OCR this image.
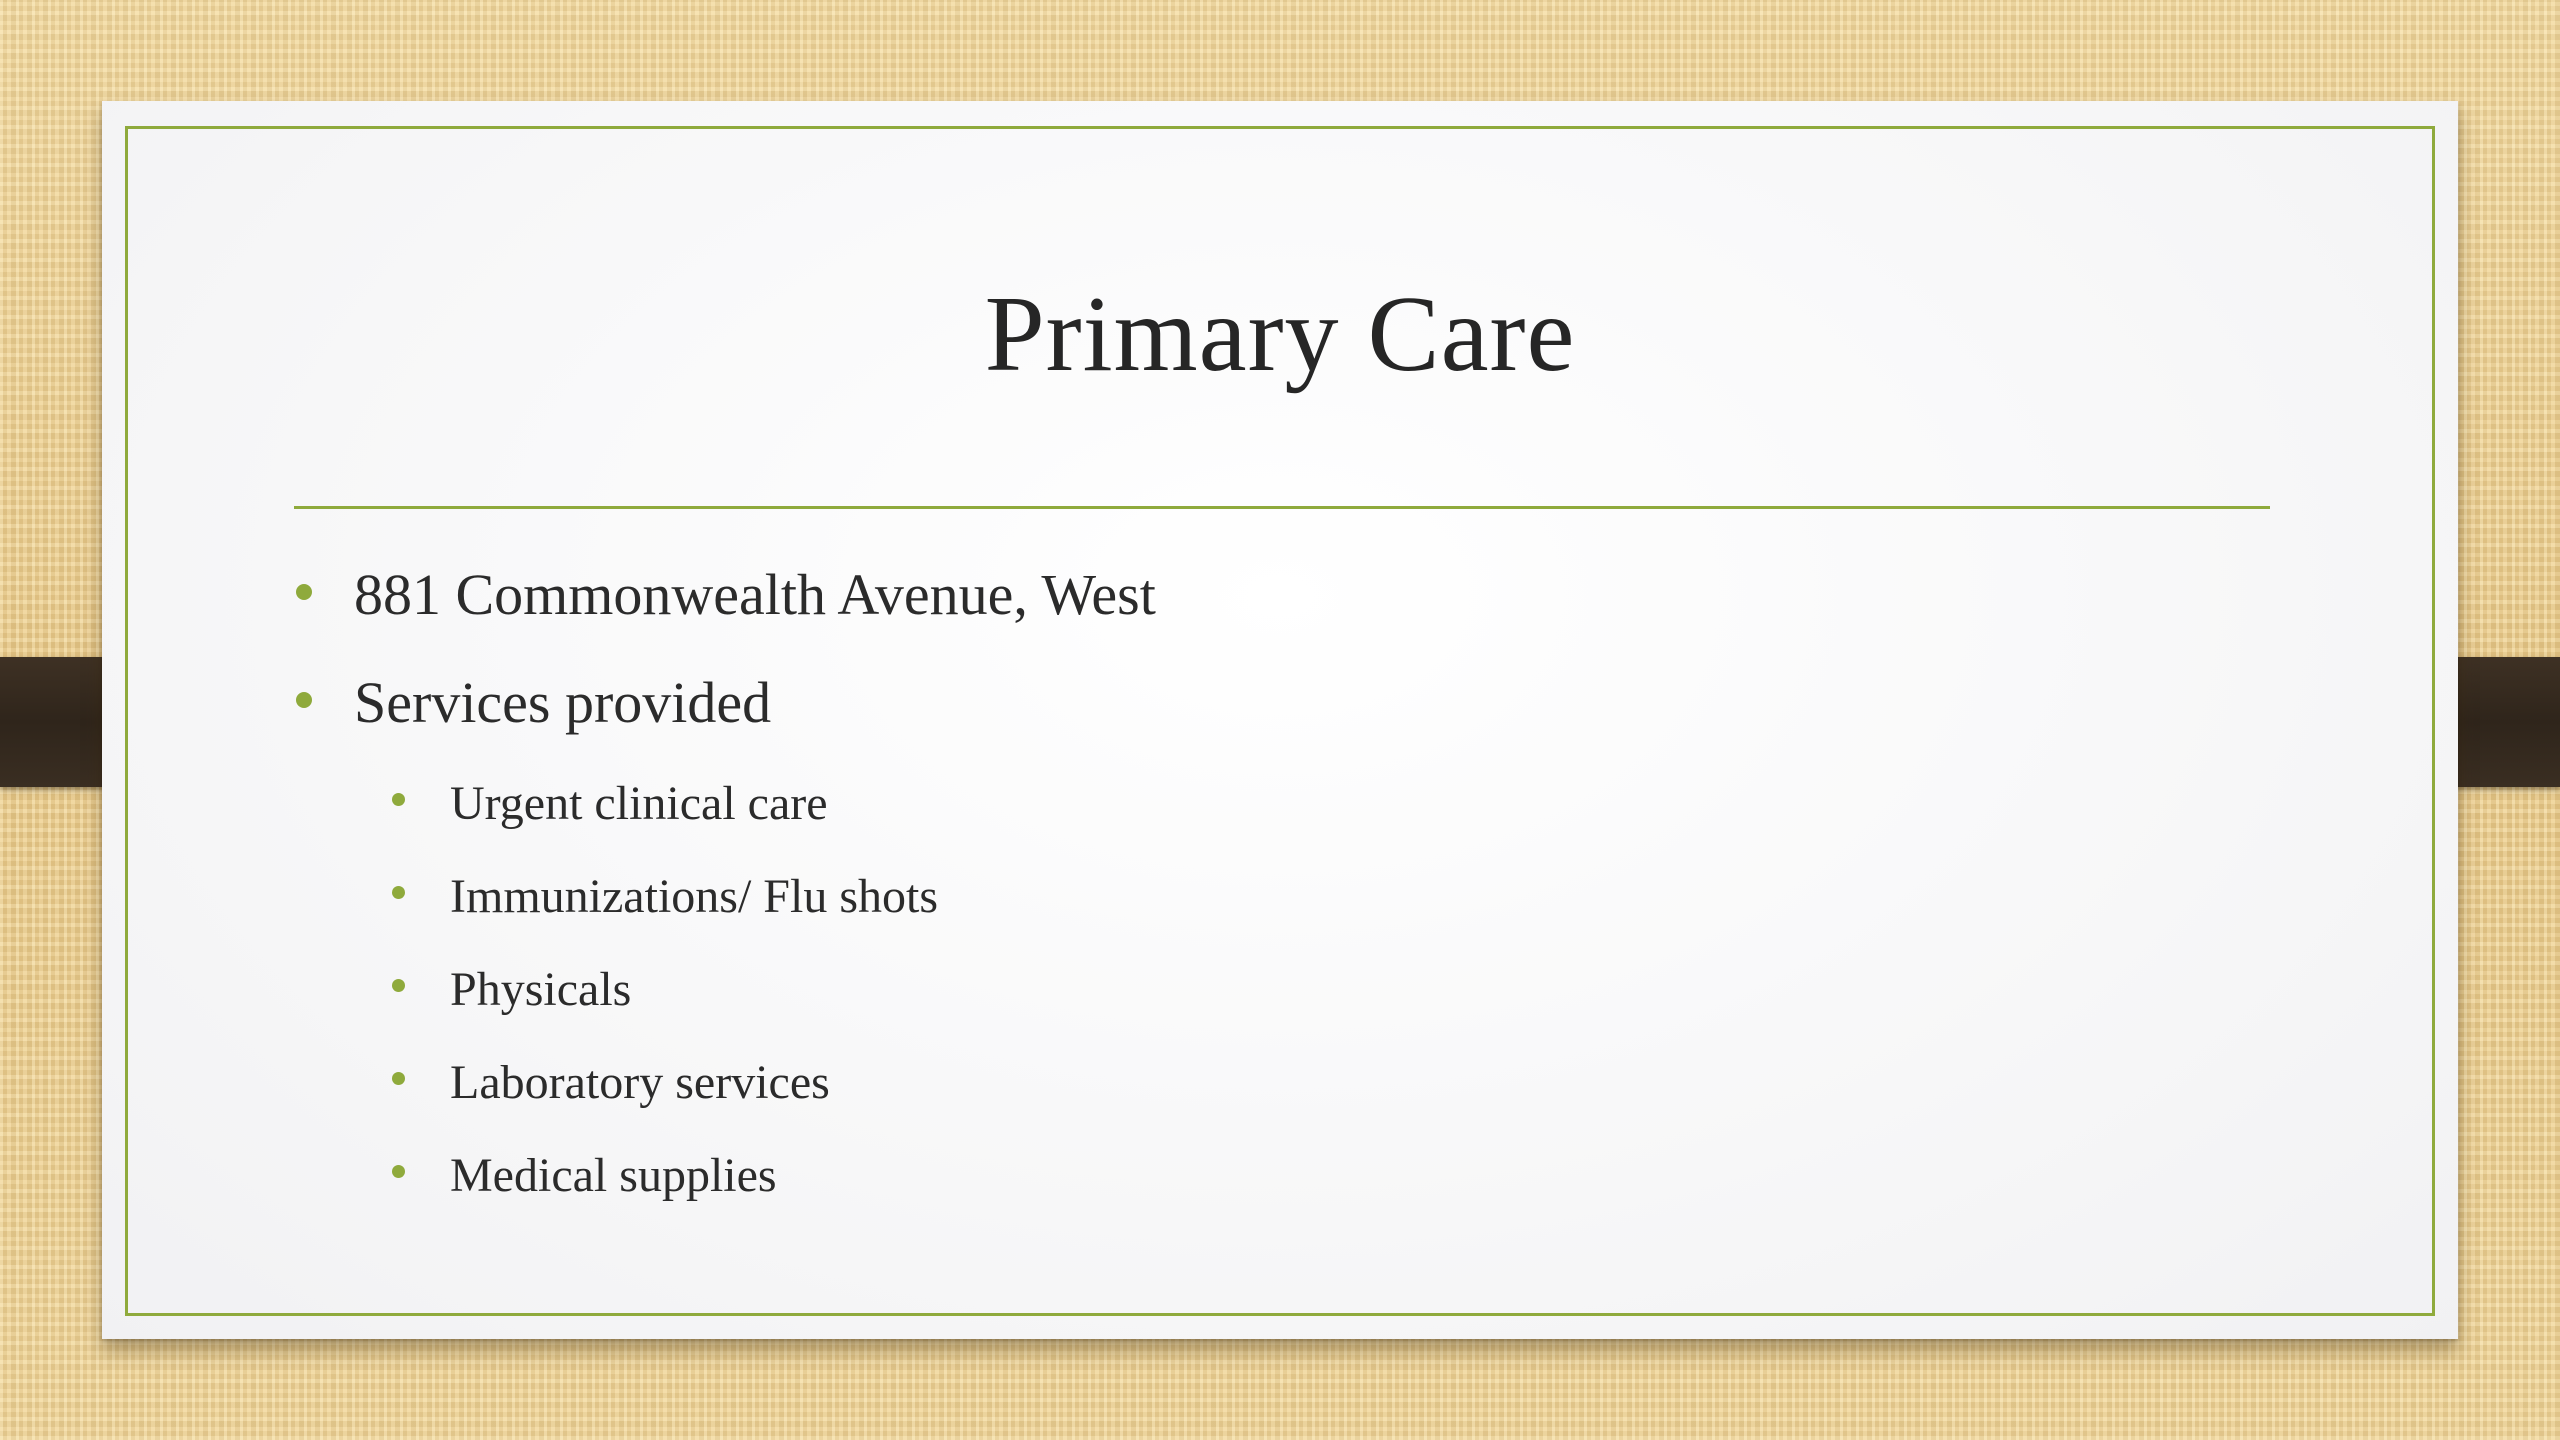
Primary Care
881 Commonwealth Avenue, West
Services provided
Urgent clinical care
Immunizations/ Flu shots
Physicals
Laboratory services
Medical supplies
